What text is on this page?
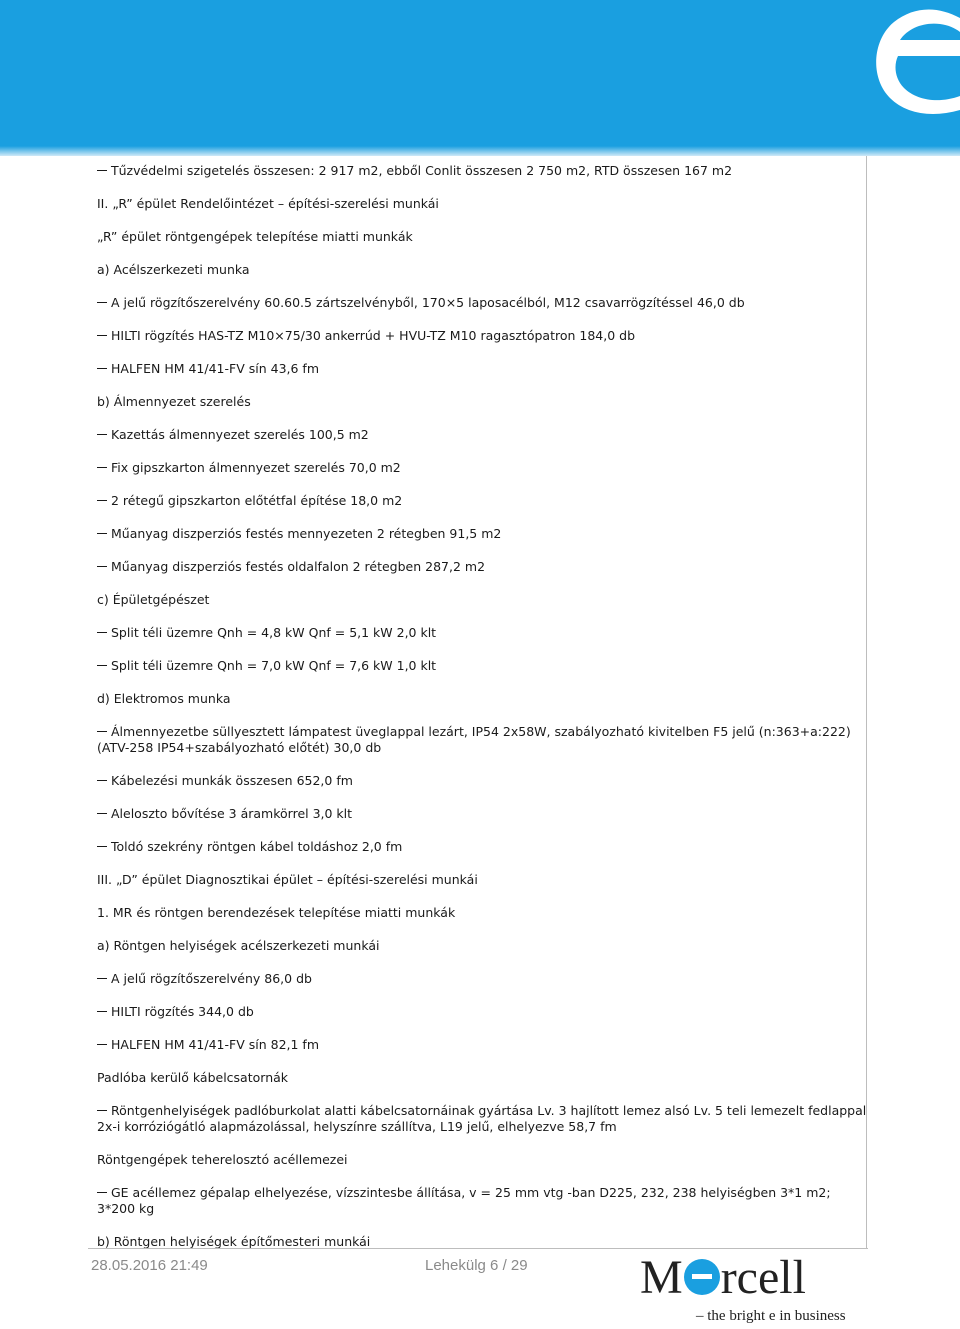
Tűzvédelmi szigetelés összesen: 2 917 m2, ebből Conlit összesen 2 750 m2, RTD összesen 167 m2
II. „R” épület Rendelőintézet – építési-szerelési munkái
„R” épület röntgengépek telepítése miatti munkák
a) Acélszerkezeti munka
A jelű rögzítőszerelvény 60.60.5 zártszelvényből, 170×5 laposacélból, M12 csavarrögzítéssel 46,0 db
HILTI rögzítés HAS-TZ M10×75/30 ankerrúd + HVU-TZ M10 ragasztópatron 184,0 db
HALFEN HM 41/41-FV sín 43,6 fm
b) Álmennyezet szerelés
Kazettás álmennyezet szerelés 100,5 m2
Fix gipszkarton álmennyezet szerelés 70,0 m2
2 rétegű gipszkarton előtétfal építése 18,0 m2
Műanyag diszperziós festés mennyezeten 2 rétegben 91,5 m2
Műanyag diszperziós festés oldalfalon 2 rétegben 287,2 m2
c) Épületgépészet
Split téli üzemre Qnh = 4,8 kW Qnf = 5,1 kW 2,0 klt
Split téli üzemre Qnh = 7,0 kW Qnf = 7,6 kW 1,0 klt
d) Elektromos munka
Álmennyezetbe süllyesztett lámpatest üveglappal lezárt, IP54 2x58W, szabályozható kivitelben F5 jelű (n:363+a:222) (ATV-258 IP54+szabályozható előtét) 30,0 db
Kábelezési munkák összesen 652,0 fm
Aleloszto bővítése 3 áramkörrel 3,0 klt
Toldó szekrény röntgen kábel toldáshoz 2,0 fm
III. „D” épület Diagnosztikai épület – építési-szerelési munkái
1. MR és röntgen berendezések telepítése miatti munkák
a) Röntgen helyiségek acélszerkezeti munkái
A jelű rögzítőszerelvény 86,0 db
HILTI rögzítés 344,0 db
HALFEN HM 41/41-FV sín 82,1 fm
Padlóba kerülő kábelcsatornák
Röntgenhelyiségek padlóburkolat alatti kábelcsatornáinak gyártása Lv. 3 hajlított lemez alsó Lv. 5 teli lemezelt fedlappal 2x-i korróziógátló alapmázolással, helyszínre szállítva, L19 jelű, elhelyezve 58,7 fm
Röntgengépek teherelosztó acéllemezei
GE acéllemez gépalap elhelyezése, vízszintesbe állítása, v = 25 mm vtg -ban D225, 232, 238 helyiségben 3*1 m2; 3*200 kg
b) Röntgen helyiségek építőmesteri munkái
28.05.2016 21:49	Lehekülg 6 / 29 M rcell
– the bright e in business
